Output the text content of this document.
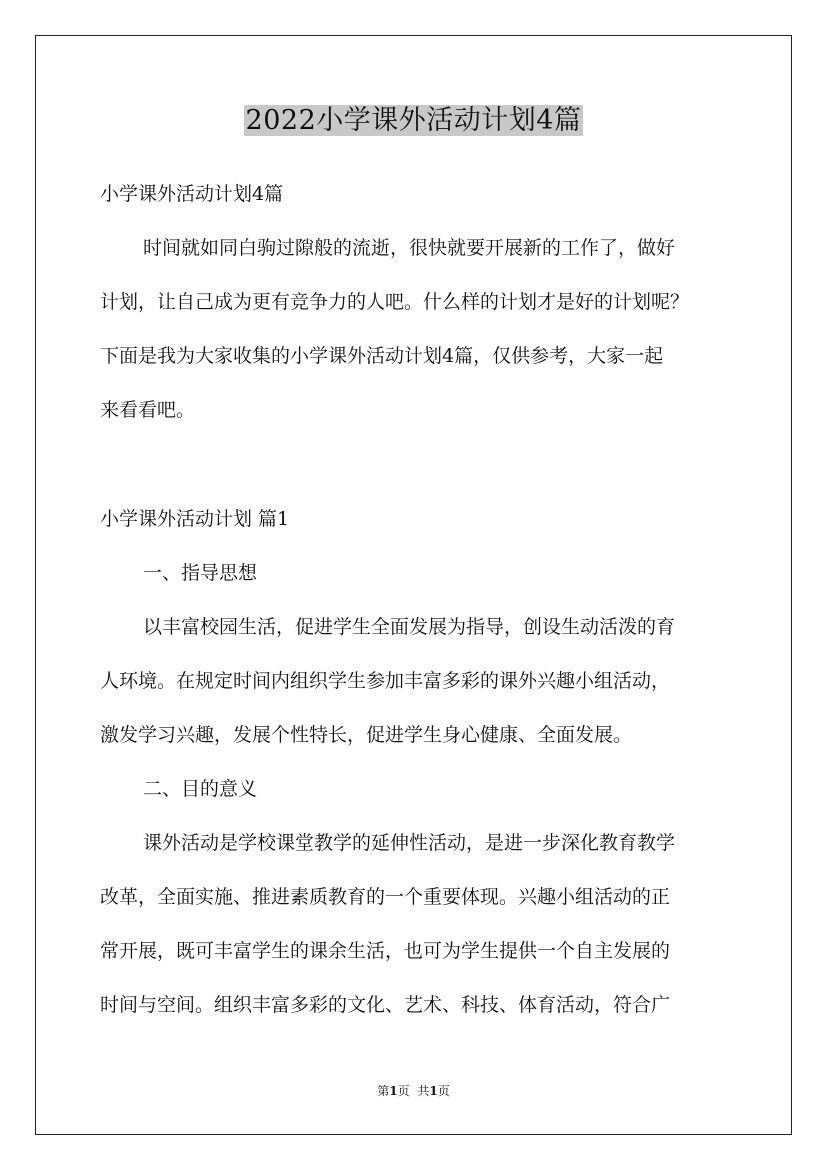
2022小学课外活动计划4篇
小学课外活动计划4篇
时间就如同白驹过隙般的流逝，很快就要开展新的工作了，做好
计划，让自己成为更有竞争力的人吧。什么样的计划才是好的计划呢？
下面是我为大家收集的小学课外活动计划4篇，仅供参考，大家一起
来看看吧。
小学课外活动计划 篇1
一、指导思想
以丰富校园生活，促进学生全面发展为指导，创设生动活泼的育
人环境。在规定时间内组织学生参加丰富多彩的课外兴趣小组活动，
激发学习兴趣，发展个性特长，促进学生身心健康、全面发展。
二、目的意义
课外活动是学校课堂教学的延伸性活动，是进一步深化教育教学
改革，全面实施、推进素质教育的一个重要体现。兴趣小组活动的正
常开展，既可丰富学生的课余生活，也可为学生提供一个自主发展的
时间与空间。组织丰富多彩的文化、艺术、科技、体育活动，符合广
第1页 共1页
